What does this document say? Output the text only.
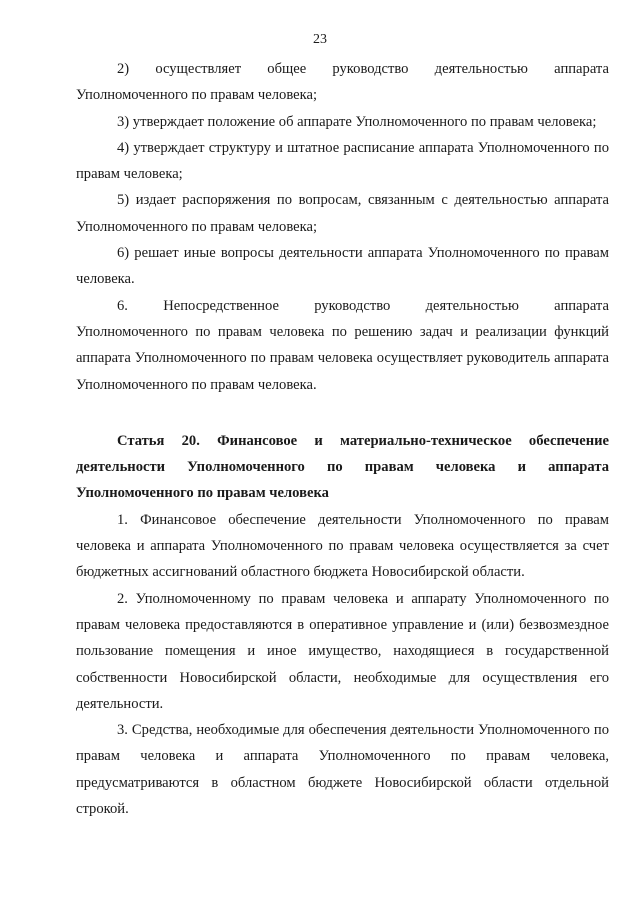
23
2) осуществляет общее руководство деятельностью аппарата

Уполномоченного по правам человека;

3) утверждает положение об аппарате Уполномоченного по правам человека;

4) утверждает структуру и штатное расписание аппарата Уполномоченного по правам человека;

5) издает распоряжения по вопросам, связанным с деятельностью аппарата Уполномоченного по правам человека;

6) решает иные вопросы деятельности аппарата Уполномоченного по правам человека.

6. Непосредственное руководство деятельностью аппарата

Уполномоченного по правам человека по решению задач и реализации функций аппарата Уполномоченного по правам человека осуществляет руководитель аппарата Уполномоченного по правам человека.

Статья 20. Финансовое и материально-техническое обеспечение деятельности Уполномоченного по правам человека и аппарата Уполномоченного по правам человека

1. Финансовое обеспечение деятельности Уполномоченного по правам человека и аппарата Уполномоченного по правам человека осуществляется за счет бюджетных ассигнований областного бюджета Новосибирской области.

2. Уполномоченному по правам человека и аппарату Уполномоченного по правам человека предоставляются в оперативное управление и (или) безвозмездное пользование помещения и иное имущество, находящиеся в государственной собственности Новосибирской области, необходимые для осуществления его деятельности.

3. Средства, необходимые для обеспечения деятельности Уполномоченного по правам человека и аппарата Уполномоченного по правам человека, предусматриваются в областном бюджете Новосибирской области отдельной строкой.
